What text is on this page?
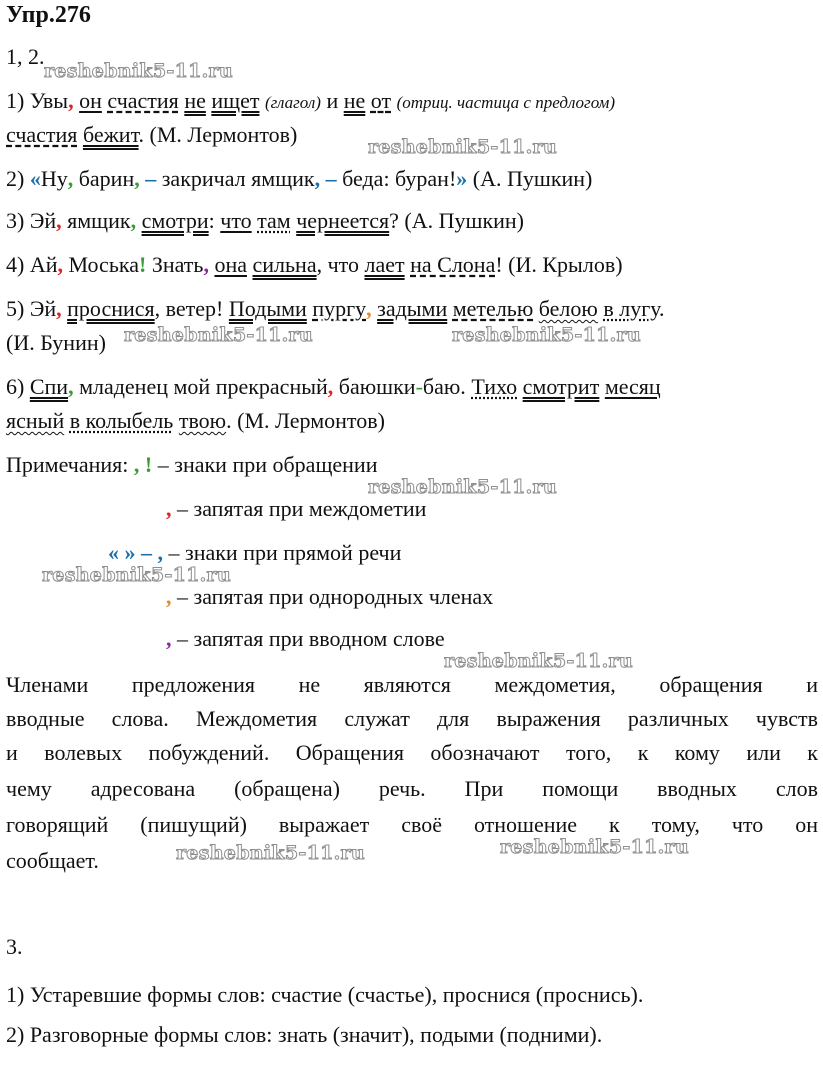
Упр.276
1, 2.
1) Увы, он счастия не ищет (глагол) и не от (отриц. частица с предлогом)
счастия бежит. (М. Лермонтов)
2) «Ну, барин, – закричал ямщик, – беда: буран!» (А. Пушкин)
3) Эй, ямщик, смотри: что там чернеется? (А. Пушкин)
4) Ай, Моська! Знать, она сильна, что лает на Слона! (И. Крылов)
5) Эй, проснися, ветер! Подыми пургу, задыми метелью белою в лугу.
(И. Бунин)
6) Спи, младенец мой прекрасный, баюшки-баю. Тихо смотрит месяц
ясный в колыбель твою. (М. Лермонтов)
Примечания: , ! – знаки при обращении
, – запятая при междометии
« » – , – знаки при прямой речи
, – запятая при однородных членах
, – запятая при вводном слове
Членами предложения не являются междометия, обращения и
вводные слова. Междометия служат для выражения различных чувств
и волевых побуждений. Обращения обозначают того, к кому или к
чему адресована (обращена) речь. При помощи вводных слов
говорящий (пишущий) выражает своё отношение к тому, что он
сообщает.
3.
1) Устаревшие формы слов: счастие (счастье), проснися (проснись).
2) Разговорные формы слов: знать (значит), подыми (подними).
reshebnik5-11.ru
reshebnik5-11.ru
reshebnik5-11.ru	reshebnik5-11.ru
reshebnik5-11.ru
reshebnik5-11.ru
reshebnik5-11.ru
reshebnik5-11.ru	reshebnik5-11.ru
